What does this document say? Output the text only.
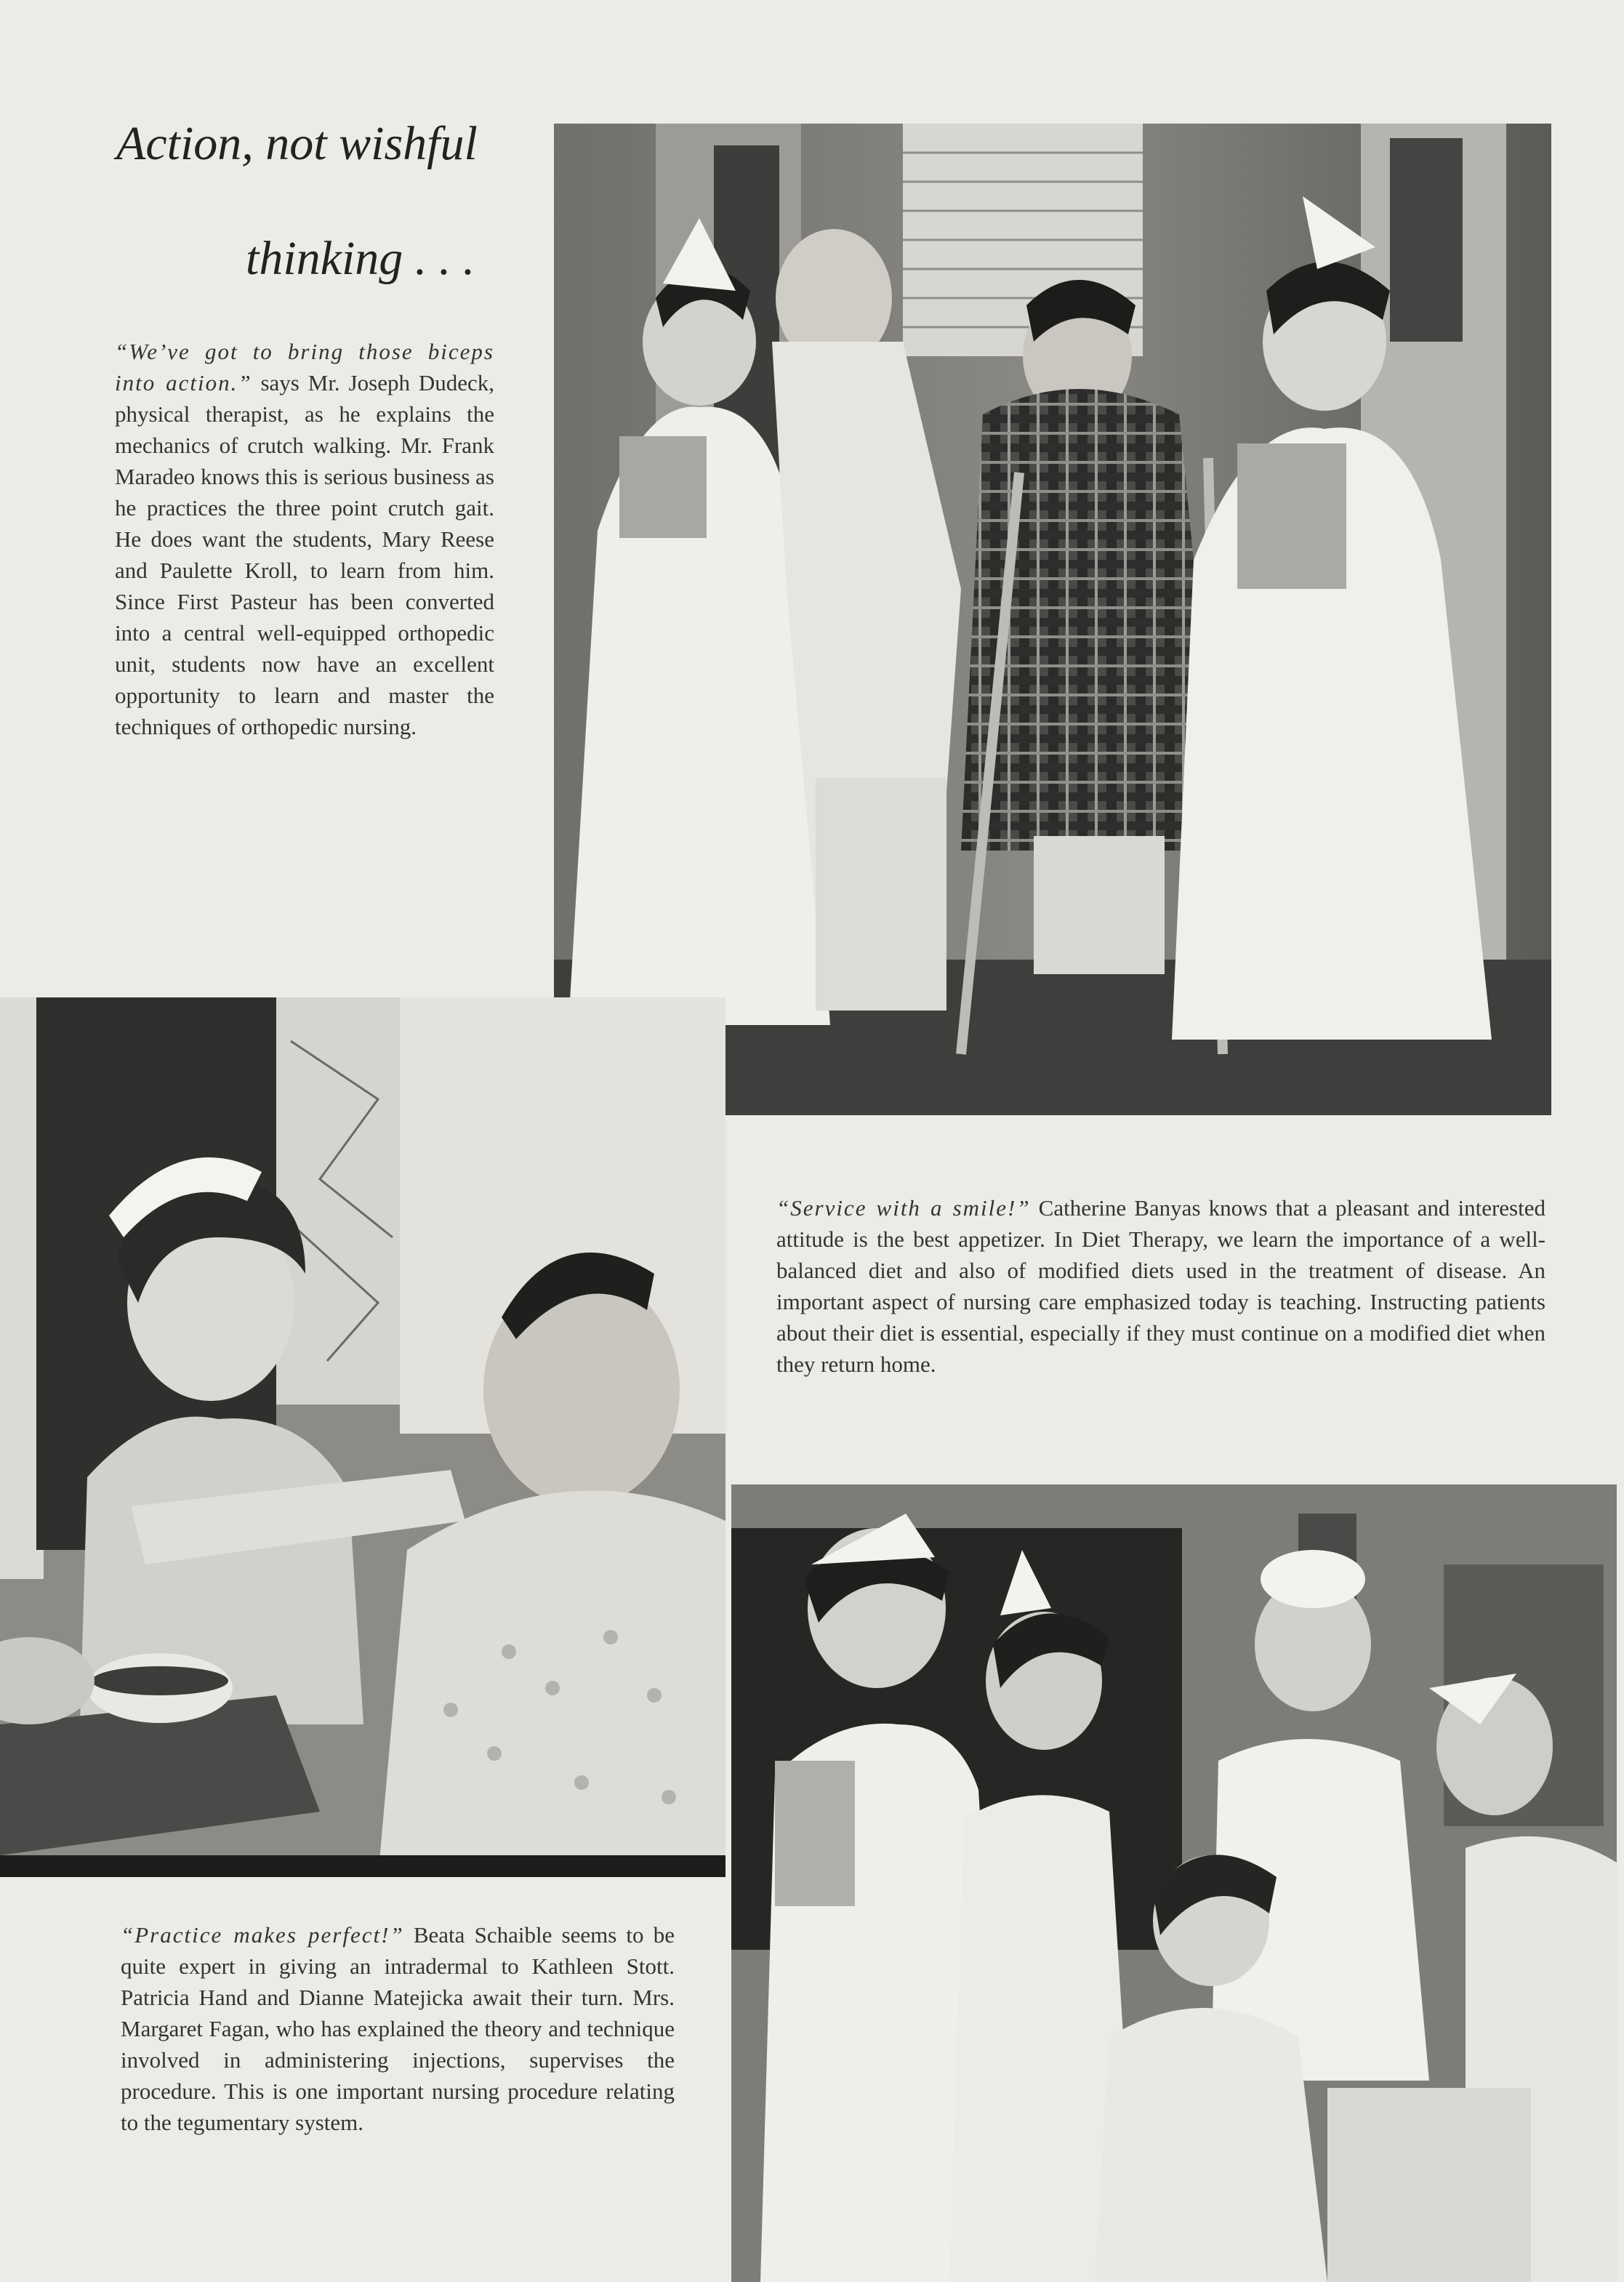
Action, not wishful
thinking . . .
“We’ve got to bring those biceps into action.” says Mr. Joseph Dudeck, physical therapist, as he explains the mechanics of crutch walking. Mr. Frank Maradeo knows this is serious business as he practices the three point crutch gait. He does want the students, Mary Reese and Paulette Kroll, to learn from him. Since First Pasteur has been converted into a central well-equipped orthopedic unit, students now have an excellent opportunity to learn and master the techniques of orthopedic nursing.
“Service with a smile!” Catherine Banyas knows that a pleasant and interested attitude is the best appetizer. In Diet Therapy, we learn the importance of a well-balanced diet and also of modified diets used in the treatment of disease. An important aspect of nursing care emphasized today is teaching. Instructing patients about their diet is essential, especially if they must continue on a modified diet when they return home.
“Practice makes perfect!” Beata Schaible seems to be quite expert in giving an intradermal to Kathleen Stott. Patricia Hand and Dianne Matejicka await their turn. Mrs. Margaret Fagan, who has explained the theory and technique involved in administering injections, supervises the procedure. This is one important nursing procedure relating to the tegumentary system.
